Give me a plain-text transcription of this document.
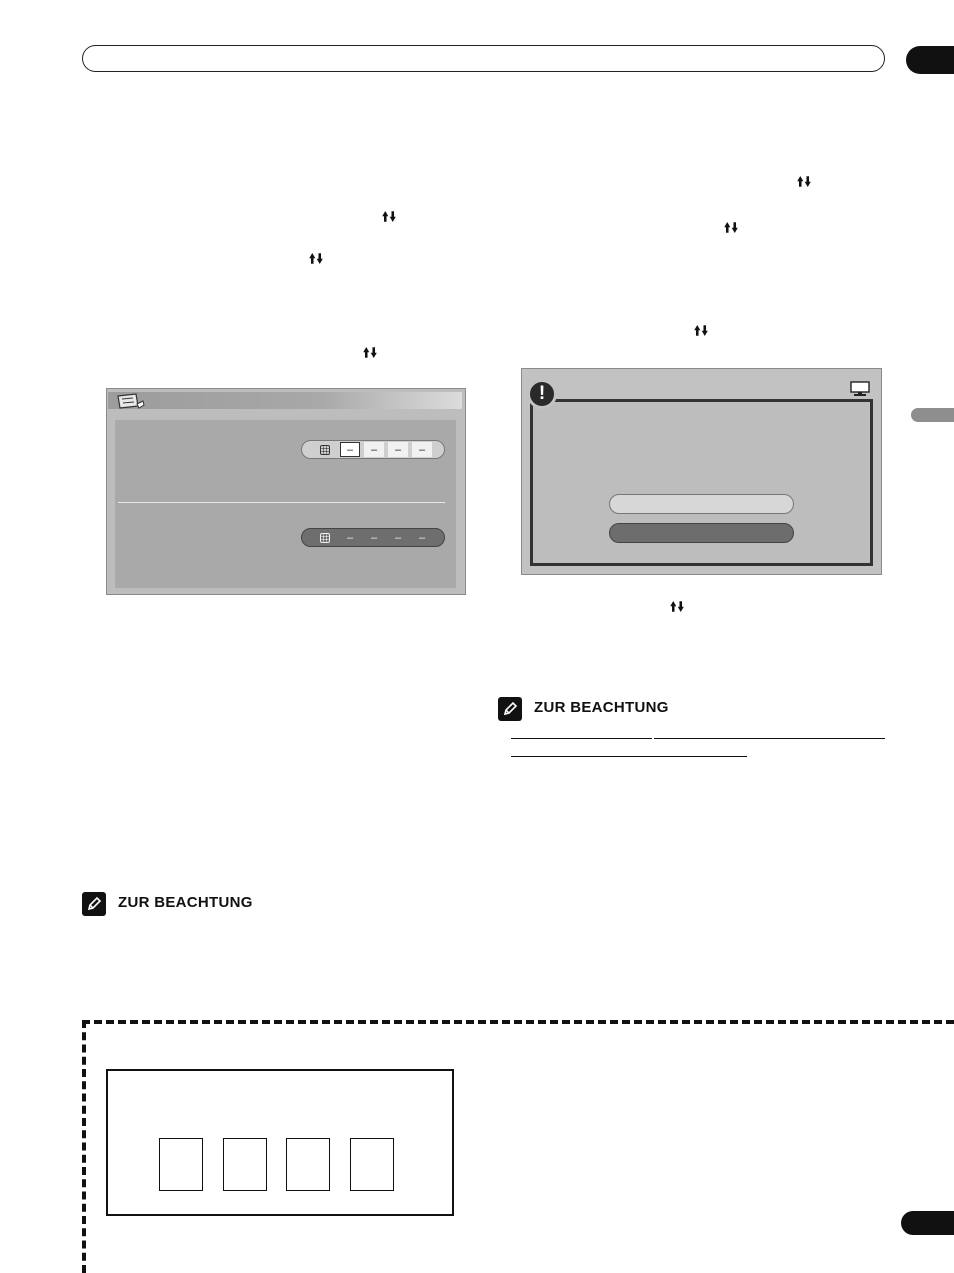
🠙🠛
🠙🠛
🠙🠛
🠙🠛
🠙🠛
🠙🠛
🠙🠛
–	–	–	–
–	–	–	–
!
ZUR BEACHTUNG
ZUR BEACHTUNG
